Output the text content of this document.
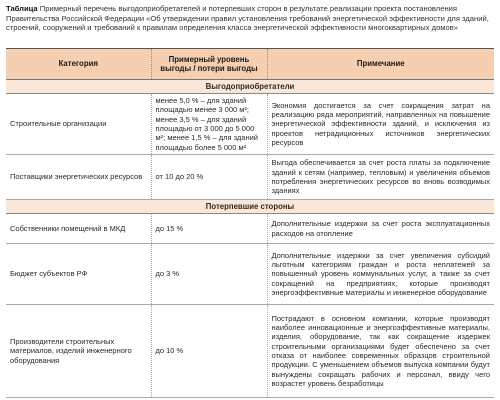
Таблица Примерный перечень выгодоприобретателей и потерпевших сторон в результате реализации проекта постановления Правительства Российской Федерации «Об утверждении правил установления требований энергетической эффективности для зданий, строений, сооружений и требований к правилам определения класса энергетической эффективности многоквартирных домов»
Категория	Примерный уровень выгоды / потери выгоды	Примечание
Выгодоприобретатели		
Строительные организации	менее 5,0 % – для зданий площадью менее 3 000 м²; менее 3,5 % – для зданий площадью от 3 000 до 5 000 м²; менее 1,5 % – для зданий площадью более 5 000 м²	Экономия достигается за счет сокращения затрат на реализацию ряда мероприятий, направленных на повышение энергетической эффективности зданий, и исключения из проектов нетрадиционных источников энергетических ресурсов
Поставщики энергетических ресурсов	от 10 до 20 %	Выгода обеспечивается за счет роста платы за подключение зданий к сетям (например, тепловым) и увеличения объемов потребления энергетических ресурсов во вновь возводимых зданиях
Потерпевшие стороны		
Собственники помещений в МКД	до 15 %	Дополнительные издержки за счет роста эксплуатационных расходов на отопление
Бюджет субъектов РФ	до 3 %	Дополнительные издержки за счет увеличения субсидий льготным категориям граждан и роста неплатежей за повышенный уровень коммунальных услуг, а также за счет сокращений на предприятиях, которые производят энергоэффективные материалы и инженерное оборудование
Производители строительных материалов, изделий инженерного оборудования	до 10 %	Пострадают в основном компании, которые производят наиболее инновационные и энергоэффективные материалы, изделия, оборудование, так как сокращение издержек строительными организациями будет обеспечено за счет отказа от наиболее современных образцов строительной продукции. С уменьшением объемов выпуска компании будут вынуждены сокращать рабочих и персонал, ввиду чего возрастет уровень безработицы
